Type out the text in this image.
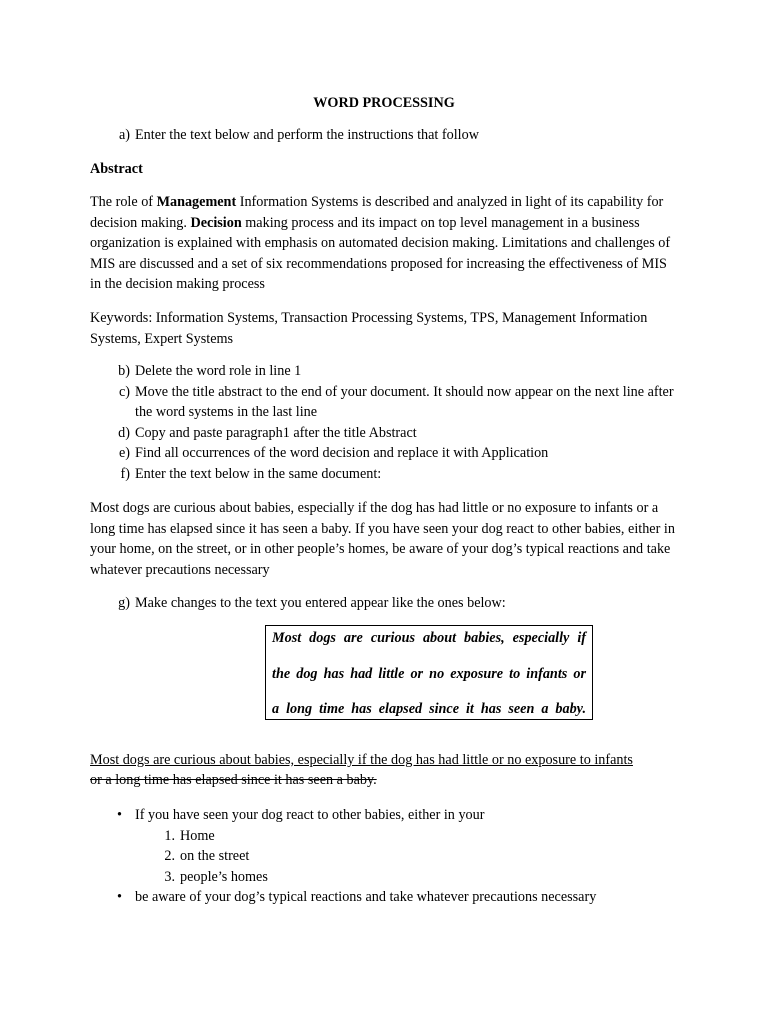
WORD PROCESSING
a) Enter the text below and perform the instructions that follow
Abstract
The role of Management Information Systems is described and analyzed in light of its capability for decision making. Decision making process and its impact on top level management in a business organization is explained with emphasis on automated decision making. Limitations and challenges of MIS are discussed and a set of six recommendations proposed for increasing the effectiveness of MIS in the decision making process
Keywords: Information Systems, Transaction Processing Systems, TPS, Management Information Systems, Expert Systems
b) Delete the word role in line 1
c) Move the title abstract to the end of your document. It should now appear on the next line after the word systems in the last line
d) Copy and paste paragraph1 after the title Abstract
e) Find all occurrences of the word decision and replace it with Application
f) Enter the text below in the same document:
Most dogs are curious about babies, especially if the dog has had little or no exposure to infants or a long time has elapsed since it has seen a baby. If you have seen your dog react to other babies, either in your home, on the street, or in other people’s homes, be aware of your dog’s typical reactions and take whatever precautions necessary
g) Make changes to the text you entered appear like the ones below:
Most dogs are curious about babies, especially if
the dog has had little or no exposure to infants or
a long time has elapsed since it has seen a baby.
Most dogs are curious about babies, especially if the dog has had little or no exposure to infants
or a long time has elapsed since it has seen a baby.
• If you have seen your dog react to other babies, either in your
1. Home
2. on the street
3. people’s homes
• be aware of your dog’s typical reactions and take whatever precautions necessary
